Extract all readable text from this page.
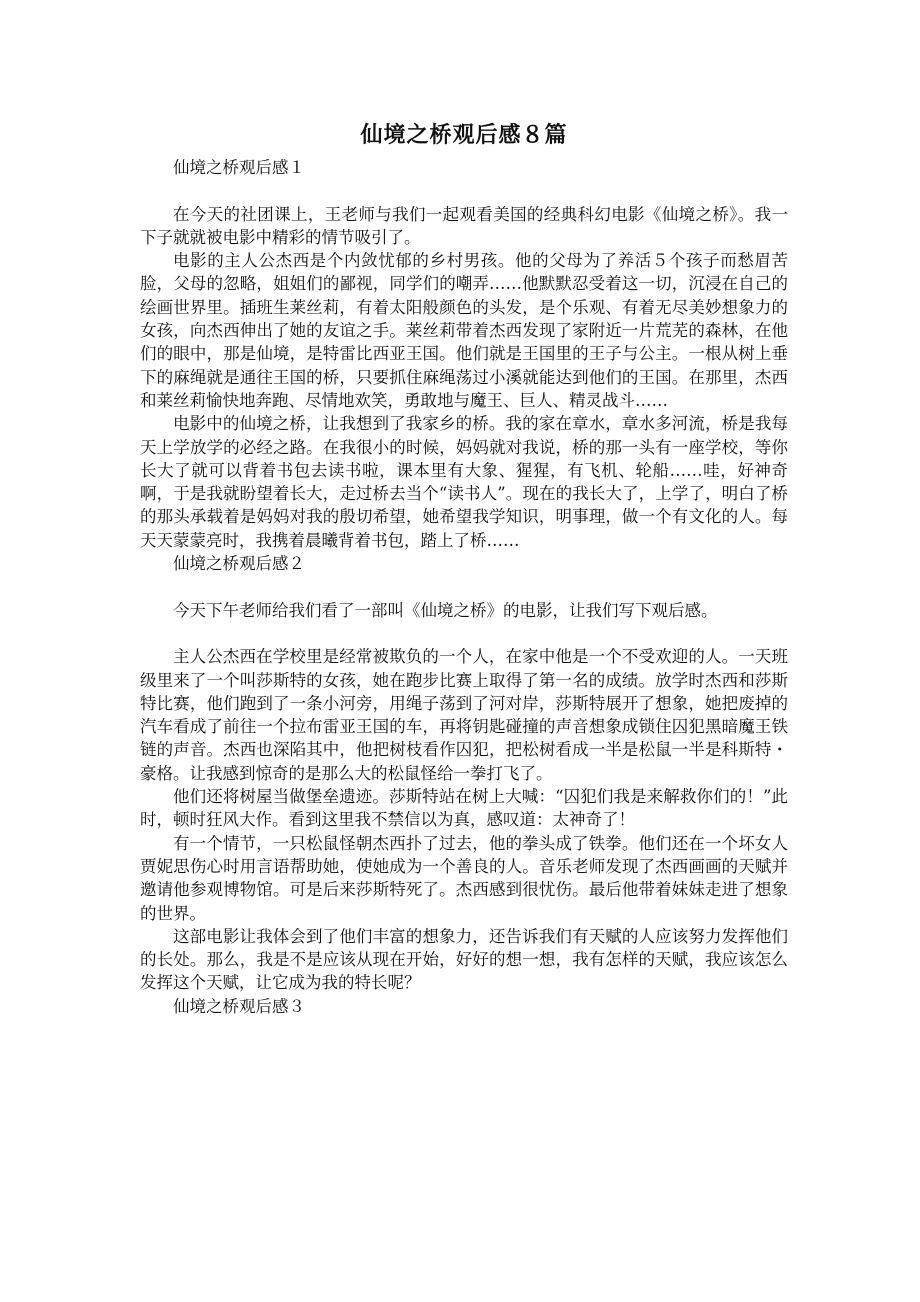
仙境之桥观后感８篇

仙境之桥观后感１

在今天的社团课上，王老师与我们一起观看美国的经典科幻电影《仙境之桥》。我一下子就就被电影中精彩的情节吸引了。

电影的主人公杰西是个内敛忧郁的乡村男孩。他的父母为了养活５个孩子而愁眉苦脸，父母的忽略，姐姐们的鄙视，同学们的嘲弄……他默默忍受着这一切，沉浸在自己的绘画世界里。插班生莱丝莉，有着太阳般颜色的头发，是个乐观、有着无尽美妙想象力的女孩，向杰西伸出了她的友谊之手。莱丝莉带着杰西发现了家附近一片荒芜的森林，在他们的眼中，那是仙境，是特雷比西亚王国。他们就是王国里的王子与公主。一根从树上垂下的麻绳就是通往王国的桥，只要抓住麻绳荡过小溪就能达到他们的王国。在那里，杰西和莱丝莉愉快地奔跑、尽情地欢笑，勇敢地与魔王、巨人、精灵战斗……

电影中的仙境之桥，让我想到了我家乡的桥。我的家在章水，章水多河流，桥是我每天上学放学的必经之路。在我很小的时候，妈妈就对我说，桥的那一头有一座学校，等你长大了就可以背着书包去读书啦，课本里有大象、猩猩，有飞机、轮船……哇，好神奇啊，于是我就盼望着长大，走过桥去当个“读书人”。现在的我长大了，上学了，明白了桥的那头承载着是妈妈对我的殷切希望，她希望我学知识，明事理，做一个有文化的人。每天天蒙蒙亮时，我携着晨曦背着书包，踏上了桥……

仙境之桥观后感２

今天下午老师给我们看了一部叫《仙境之桥》的电影，让我们写下观后感。

主人公杰西在学校里是经常被欺负的一个人，在家中他是一个不受欢迎的人。一天班级里来了一个叫莎斯特的女孩，她在跑步比赛上取得了第一名的成绩。放学时杰西和莎斯特比赛，他们跑到了一条小河旁，用绳子荡到了河对岸，莎斯特展开了想象，她把废掉的汽车看成了前往一个拉布雷亚王国的车，再将钥匙碰撞的声音想象成锁住囚犯黑暗魔王铁链的声音。杰西也深陷其中，他把树枝看作囚犯，把松树看成一半是松鼠一半是科斯特・豪格。让我感到惊奇的是那么大的松鼠怪给一拳打飞了。

他们还将树屋当做堡垒遗迹。莎斯特站在树上大喊：“囚犯们我是来解救你们的！”此时，顿时狂风大作。看到这里我不禁信以为真，感叹道：太神奇了！

有一个情节，一只松鼠怪朝杰西扑了过去，他的拳头成了铁拳。他们还在一个坏女人贾妮思伤心时用言语帮助她，使她成为一个善良的人。音乐老师发现了杰西画画的天赋并邀请他参观博物馆。可是后来莎斯特死了。杰西感到很忧伤。最后他带着妹妹走进了想象的世界。

这部电影让我体会到了他们丰富的想象力，还告诉我们有天赋的人应该努力发挥他们的长处。那么，我是不是应该从现在开始，好好的想一想，我有怎样的天赋，我应该怎么发挥这个天赋，让它成为我的特长呢？

仙境之桥观后感３
